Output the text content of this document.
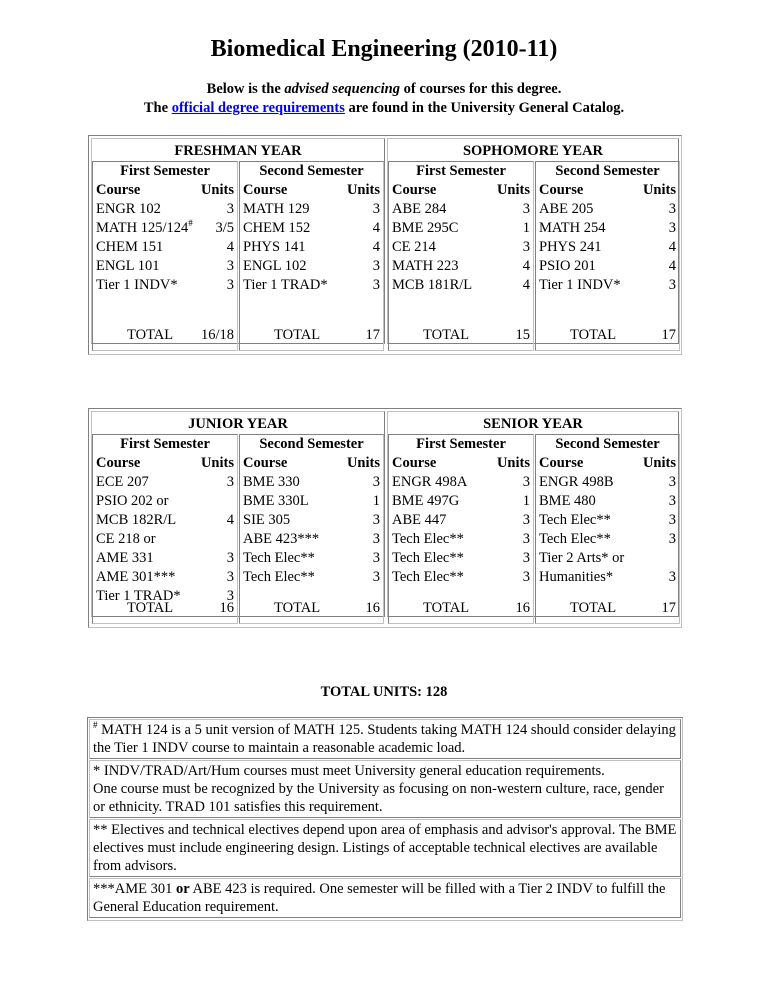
Biomedical Engineering (2010-11)
Below is the advised sequencing of courses for this degree.
The official degree requirements are found in the University General Catalog.
FRESHMAN YEAR
First Semester
Course	Units
ENGR 102	3
MATH 125/124# 3/5
CHEM 151	4
ENGL 101	3
Tier 1 INDV*	3
TOTAL 16/18
Second Semester
Course	Units
MATH 129	3
CHEM 152	4
PHYS 141	4
ENGL 102	3
Tier 1 TRAD*	3
TOTAL	17
SOPHOMORE YEAR
First Semester
Course	Units
ABE 284	3
BME 295C	1
CE 214	3
MATH 223	4
MCB 181R/L	4
TOTAL	15
Second Semester
Course	Units
ABE 205	3
MATH 254	3
PHYS 241	4
PSIO 201	4
Tier 1 INDV*	3
TOTAL	17
JUNIOR YEAR
First Semester
Course	Units
ECE 207	3
PSIO 202 or
MCB 182R/L	4
CE 218 or
AME 331	3
AME 301***	3
Tier 1 TRAD*	3
TOTAL	16
Second Semester
Course	Units
BME 330	3
BME 330L	1
SIE 305	3
ABE 423***	3
Tech Elec**	3
Tech Elec**	3
TOTAL	16
SENIOR YEAR
First Semester
Course	Units
ENGR 498A	3
BME 497G	1
ABE 447	3
Tech Elec**	3
Tech Elec**	3
Tech Elec**	3
TOTAL	16
Second Semester
Course	Units
ENGR 498B	3
BME 480	3
Tech Elec**	3
Tech Elec**	3
Tier 2 Arts* or
Humanities*	3
TOTAL	17
TOTAL UNITS: 128

# MATH 124 is a 5 unit version of MATH 125. Students taking MATH 124 should consider delaying the Tier 1 INDV course to maintain a reasonable academic load.

* INDV/TRAD/Art/Hum courses must meet University general education requirements.

One course must be recognized by the University as focusing on non-western culture, race, gender or ethnicity. TRAD 101 satisfies this requirement.

** Electives and technical electives depend upon area of emphasis and advisor's approval. The BME electives must include engineering design. Listings of acceptable technical electives are available from advisors.

***AME 301 or ABE 423 is required. One semester will be filled with a Tier 2 INDV to fulfill the General Education requirement.
